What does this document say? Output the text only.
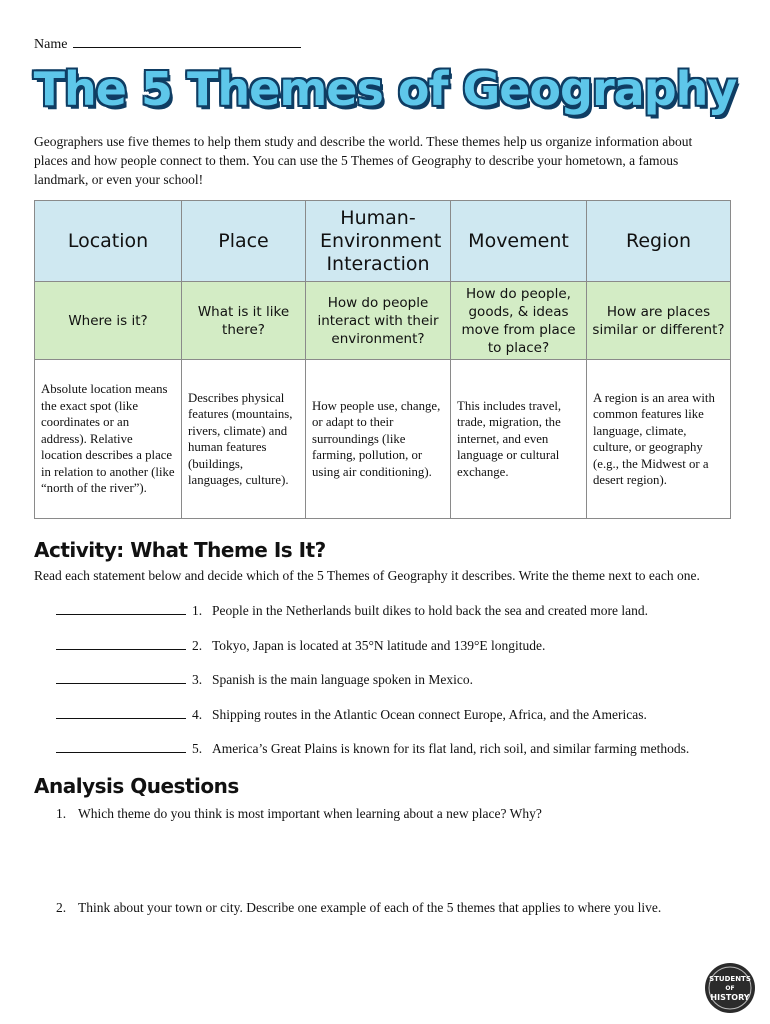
Name
The 5 Themes of Geography
Geographers use five themes to help them study and describe the world. These themes help us organize information about places and how people connect to them. You can use the 5 Themes of Geography to describe your hometown, a famous landmark, or even your school!
Location	Place	Human-Environment Interaction	Movement	Region
Where is it?	What is it like there?	How do people interact with their environment?	How do people, goods, & ideas move from place to place?	How are places similar or different?
Absolute location means the exact spot (like coordinates or an address). Relative location describes a place in relation to another (like “north of the river”).	Describes physical features (mountains, rivers, climate) and human features (buildings, languages, culture).	How people use, change, or adapt to their surroundings (like farming, pollution, or using air conditioning).	This includes travel, trade, migration, the internet, and even language or cultural exchange.	A region is an area with common features like language, climate, culture, or geography (e.g., the Midwest or a desert region).
Activity: What Theme Is It?
Read each statement below and decide which of the 5 Themes of Geography it describes. Write the theme next to each one.
1. People in the Netherlands built dikes to hold back the sea and created more land.
2. Tokyo, Japan is located at 35°N latitude and 139°E longitude.
3. Spanish is the main language spoken in Mexico.
4. Shipping routes in the Atlantic Ocean connect Europe, Africa, and the Americas.
5. America’s Great Plains is known for its flat land, rich soil, and similar farming methods.
Analysis Questions
1. Which theme do you think is most important when learning about a new place? Why?
2. Think about your town or city. Describe one example of each of the 5 themes that applies to where you live.
STUDENTS
OF
HISTORY
